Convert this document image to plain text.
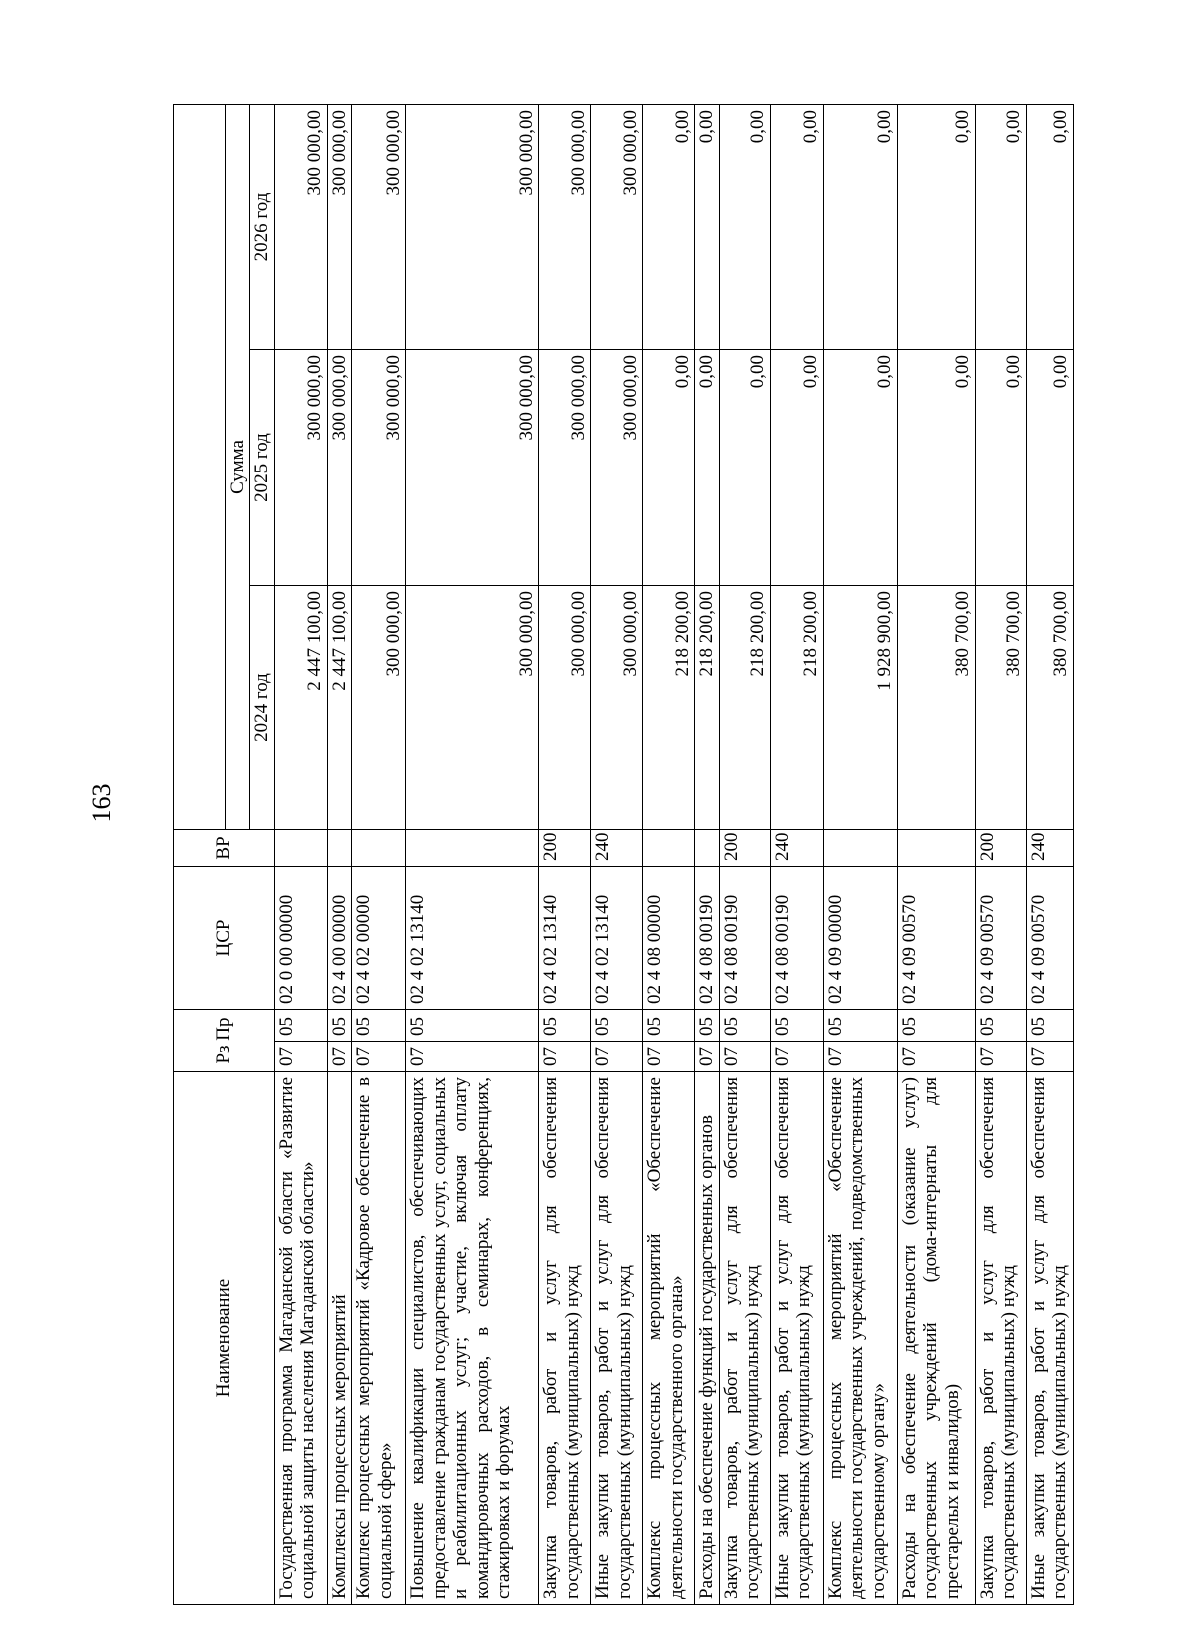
163
Наименование	Рз Пр		ЦСР	ВР			
					Сумма		
					2024 год	2025 год	2026 год
Государственная программа Магаданской области «Развитие социальной защиты населения Магаданской области»	07	05	02 0 00 00000		2 447 100,00	300 000,00	300 000,00
Комплексы процессных мероприятий	07	05	02 4 00 00000		2 447 100,00	300 000,00	300 000,00
Комплекс процессных мероприятий «Кадровое обеспечение в социальной сфере»	07	05	02 4 02 00000		300 000,00	300 000,00	300 000,00
Повышение квалификации специалистов, обеспечивающих предоставление гражданам государственных услуг, социальных и реабилитационных услуг; участие, включая оплату командировочных расходов, в семинарах, конференциях, стажировках и форумах	07	05	02 4 02 13140		300 000,00	300 000,00	300 000,00
Закупка товаров, работ и услуг для обеспечения государственных (муниципальных) нужд	07	05	02 4 02 13140	200	300 000,00	300 000,00	300 000,00
Иные закупки товаров, работ и услуг для обеспечения государственных (муниципальных) нужд	07	05	02 4 02 13140	240	300 000,00	300 000,00	300 000,00
Комплекс процессных мероприятий «Обеспечение деятельности государственного органа»	07	05	02 4 08 00000		218 200,00	0,00	0,00
Расходы на обеспечение функций государственных органов	07	05	02 4 08 00190		218 200,00	0,00	0,00
Закупка товаров, работ и услуг для обеспечения государственных (муниципальных) нужд	07	05	02 4 08 00190	200	218 200,00	0,00	0,00
Иные закупки товаров, работ и услуг для обеспечения государственных (муниципальных) нужд	07	05	02 4 08 00190	240	218 200,00	0,00	0,00
Комплекс процессных мероприятий «Обеспечение деятельности государственных учреждений, подведомственных государственному органу»	07	05	02 4 09 00000		1 928 900,00	0,00	0,00
Расходы на обеспечение деятельности (оказание услуг) государственных учреждений (дома-интернаты для престарелых и инвалидов)	07	05	02 4 09 00570		380 700,00	0,00	0,00
Закупка товаров, работ и услуг для обеспечения государственных (муниципальных) нужд	07	05	02 4 09 00570	200	380 700,00	0,00	0,00
Иные закупки товаров, работ и услуг для обеспечения государственных (муниципальных) нужд	07	05	02 4 09 00570	240	380 700,00	0,00	0,00
